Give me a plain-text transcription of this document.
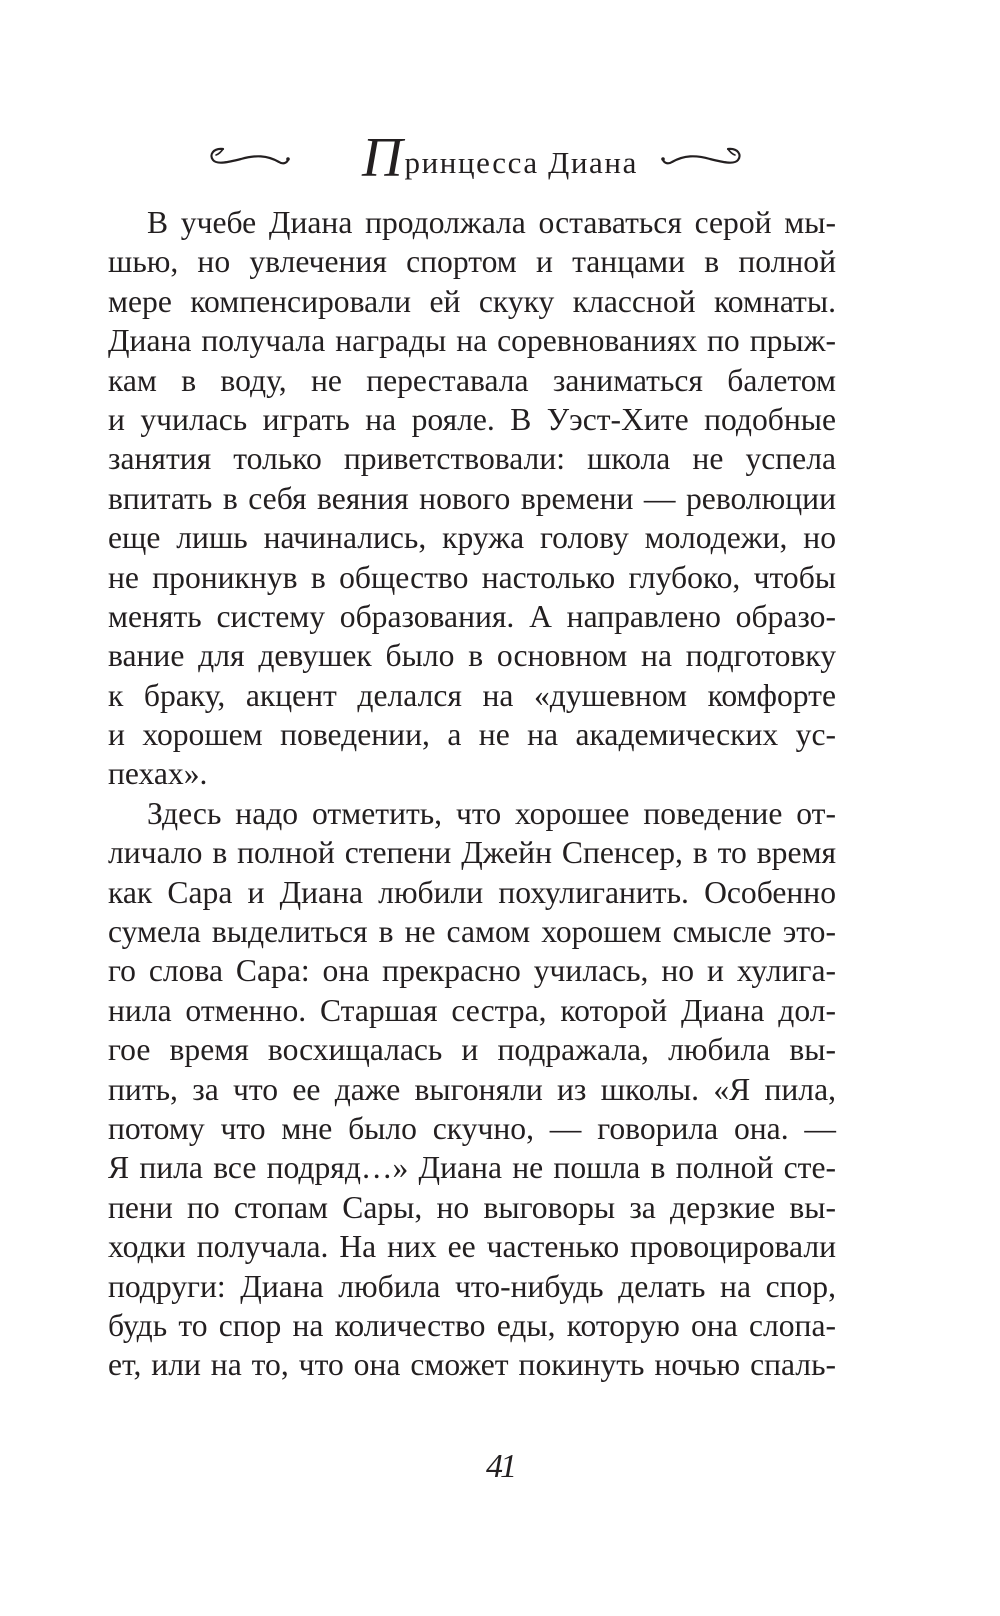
Принцесса Диана
В учебе Диана продолжала оставаться серой мы-
шью, но увлечения спортом и танцами в полной
мере компенсировали ей скуку классной комнаты.
Диана получала награды на соревнованиях по прыж-
кам в воду, не переставала заниматься балетом
и училась играть на рояле. В Уэст-Хите подобные
занятия только приветствовали: школа не успела
впитать в себя веяния нового времени — революции
еще лишь начинались, кружа голову молодежи, но
не проникнув в общество настолько глубоко, чтобы
менять систему образования. А направлено образо-
вание для девушек было в основном на подготовку
к браку, акцент делался на «душевном комфорте
и хорошем поведении, а не на академических ус-
пехах».
Здесь надо отметить, что хорошее поведение от-
личало в полной степени Джейн Спенсер, в то время
как Сара и Диана любили похулиганить. Особенно
сумела выделиться в не самом хорошем смысле это-
го слова Сара: она прекрасно училась, но и хулига-
нила отменно. Старшая сестра, которой Диана дол-
гое время восхищалась и подражала, любила вы-
пить, за что ее даже выгоняли из школы. «Я пила,
потому что мне было скучно, — говорила она. —
Я пила все подряд…» Диана не пошла в полной сте-
пени по стопам Сары, но выговоры за дерзкие вы-
ходки получала. На них ее частенько провоцировали
подруги: Диана любила что-нибудь делать на спор,
будь то спор на количество еды, которую она слопа-
ет, или на то, что она сможет покинуть ночью спаль-
41
